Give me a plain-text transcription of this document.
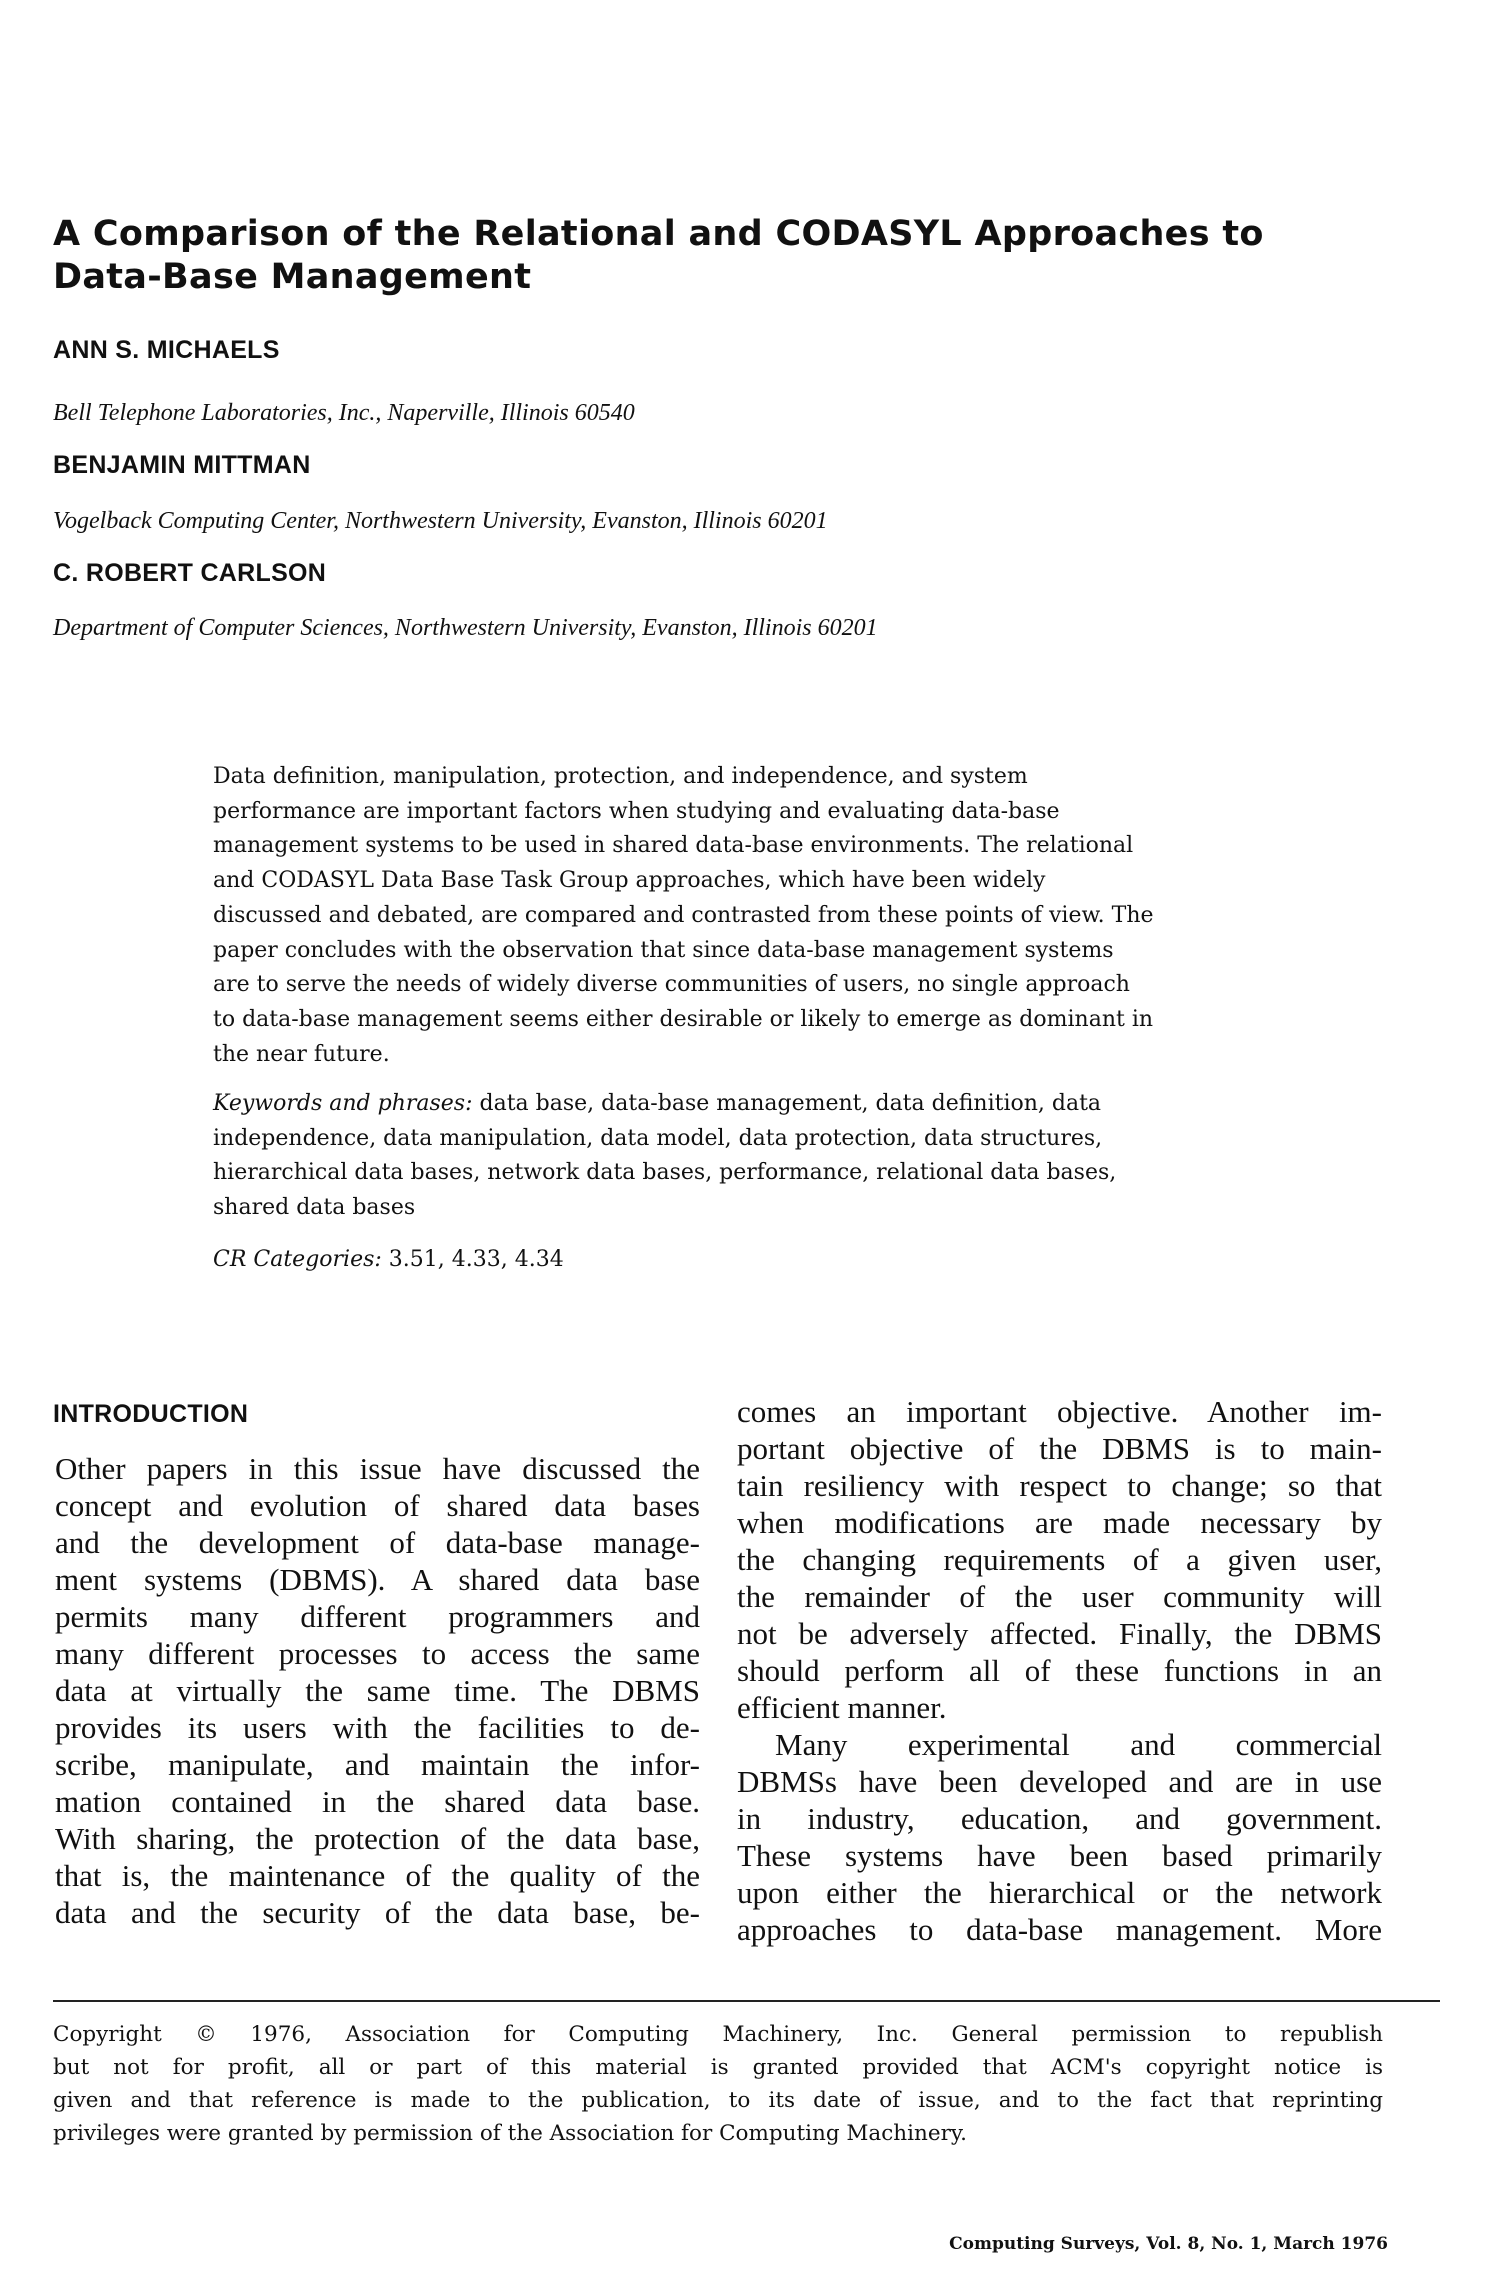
A Comparison of the Relational and CODASYL Approaches to
Data-Base Management
ANN S. MICHAELS
Bell Telephone Laboratories, Inc., Naperville, Illinois 60540
BENJAMIN MITTMAN
Vogelback Computing Center, Northwestern University, Evanston, Illinois 60201
C. ROBERT CARLSON
Department of Computer Sciences, Northwestern University, Evanston, Illinois 60201
Data definition, manipulation, protection, and independence, and system
performance are important factors when studying and evaluating data-base
management systems to be used in shared data-base environments. The relational
and CODASYL Data Base Task Group approaches, which have been widely
discussed and debated, are compared and contrasted from these points of view. The
paper concludes with the observation that since data-base management systems
are to serve the needs of widely diverse communities of users, no single approach
to data-base management seems either desirable or likely to emerge as dominant in
the near future.
Keywords and phrases: data base, data-base management, data definition, data
independence, data manipulation, data model, data protection, data structures,
hierarchical data bases, network data bases, performance, relational data bases,
shared data bases
CR Categories: 3.51, 4.33, 4.34
INTRODUCTION
Other papers in this issue have discussed the
concept and evolution of shared data bases
and the development of data-base manage-
ment systems (DBMS). A shared data base
permits many different programmers and
many different processes to access the same
data at virtually the same time. The DBMS
provides its users with the facilities to de-
scribe, manipulate, and maintain the infor-
mation contained in the shared data base.
With sharing, the protection of the data base,
that is, the maintenance of the quality of the
data and the security of the data base, be-
comes an important objective. Another im-
portant objective of the DBMS is to main-
tain resiliency with respect to change; so that
when modifications are made necessary by
the changing requirements of a given user,
the remainder of the user community will
not be adversely affected. Finally, the DBMS
should perform all of these functions in an
efficient manner.
Many experimental and commercial
DBMSs have been developed and are in use
in industry, education, and government.
These systems have been based primarily
upon either the hierarchical or the network
approaches to data-base management. More
Copyright © 1976, Association for Computing Machinery, Inc. General permission to republish
but not for profit, all or part of this material is granted provided that ACM's copyright notice is
given and that reference is made to the publication, to its date of issue, and to the fact that reprinting
privileges were granted by permission of the Association for Computing Machinery.
Computing Surveys, Vol. 8, No. 1, March 1976
